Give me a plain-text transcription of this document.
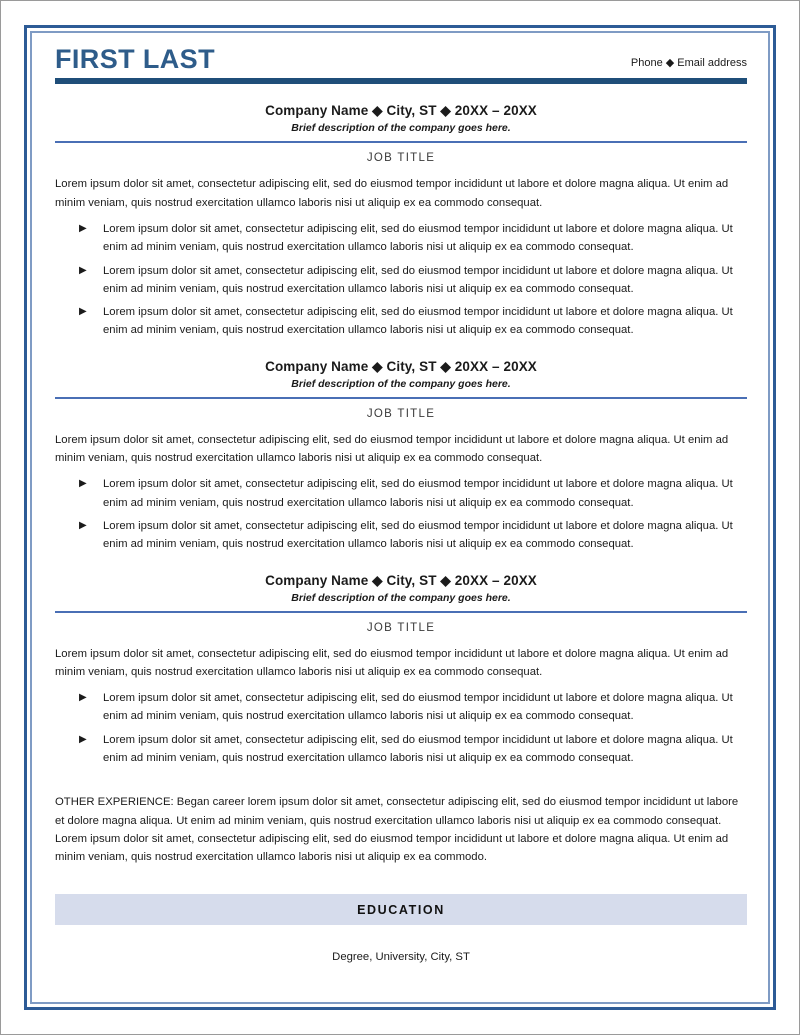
FIRST LAST	Phone ◆ Email address
Company Name ◆ City, ST ◆ 20XX – 20XX
Brief description of the company goes here.
JOB TITLE
Lorem ipsum dolor sit amet, consectetur adipiscing elit, sed do eiusmod tempor incididunt ut labore et dolore magna aliqua. Ut enim ad minim veniam, quis nostrud exercitation ullamco laboris nisi ut aliquip ex ea commodo consequat.
▶ Lorem ipsum dolor sit amet, consectetur adipiscing elit, sed do eiusmod tempor incididunt ut labore et dolore magna aliqua. Ut enim ad minim veniam, quis nostrud exercitation ullamco laboris nisi ut aliquip ex ea commodo consequat.
▶ Lorem ipsum dolor sit amet, consectetur adipiscing elit, sed do eiusmod tempor incididunt ut labore et dolore magna aliqua. Ut enim ad minim veniam, quis nostrud exercitation ullamco laboris nisi ut aliquip ex ea commodo consequat.
▶ Lorem ipsum dolor sit amet, consectetur adipiscing elit, sed do eiusmod tempor incididunt ut labore et dolore magna aliqua. Ut enim ad minim veniam, quis nostrud exercitation ullamco laboris nisi ut aliquip ex ea commodo consequat.
Company Name ◆ City, ST ◆ 20XX – 20XX
Brief description of the company goes here.
JOB TITLE
Lorem ipsum dolor sit amet, consectetur adipiscing elit, sed do eiusmod tempor incididunt ut labore et dolore magna aliqua. Ut enim ad minim veniam, quis nostrud exercitation ullamco laboris nisi ut aliquip ex ea commodo consequat.
▶ Lorem ipsum dolor sit amet, consectetur adipiscing elit, sed do eiusmod tempor incididunt ut labore et dolore magna aliqua. Ut enim ad minim veniam, quis nostrud exercitation ullamco laboris nisi ut aliquip ex ea commodo consequat.
▶ Lorem ipsum dolor sit amet, consectetur adipiscing elit, sed do eiusmod tempor incididunt ut labore et dolore magna aliqua. Ut enim ad minim veniam, quis nostrud exercitation ullamco laboris nisi ut aliquip ex ea commodo consequat.
Company Name ◆ City, ST ◆ 20XX – 20XX
Brief description of the company goes here.
JOB TITLE
Lorem ipsum dolor sit amet, consectetur adipiscing elit, sed do eiusmod tempor incididunt ut labore et dolore magna aliqua. Ut enim ad minim veniam, quis nostrud exercitation ullamco laboris nisi ut aliquip ex ea commodo consequat.
▶ Lorem ipsum dolor sit amet, consectetur adipiscing elit, sed do eiusmod tempor incididunt ut labore et dolore magna aliqua. Ut enim ad minim veniam, quis nostrud exercitation ullamco laboris nisi ut aliquip ex ea commodo consequat.
▶ Lorem ipsum dolor sit amet, consectetur adipiscing elit, sed do eiusmod tempor incididunt ut labore et dolore magna aliqua. Ut enim ad minim veniam, quis nostrud exercitation ullamco laboris nisi ut aliquip ex ea commodo consequat.
OTHER EXPERIENCE: Began career lorem ipsum dolor sit amet, consectetur adipiscing elit, sed do eiusmod tempor incididunt ut labore et dolore magna aliqua. Ut enim ad minim veniam, quis nostrud exercitation ullamco laboris nisi ut aliquip ex ea commodo consequat. Lorem ipsum dolor sit amet, consectetur adipiscing elit, sed do eiusmod tempor incididunt ut labore et dolore magna aliqua. Ut enim ad minim veniam, quis nostrud exercitation ullamco laboris nisi ut aliquip ex ea commodo.
EDUCATION
Degree, University, City, ST
